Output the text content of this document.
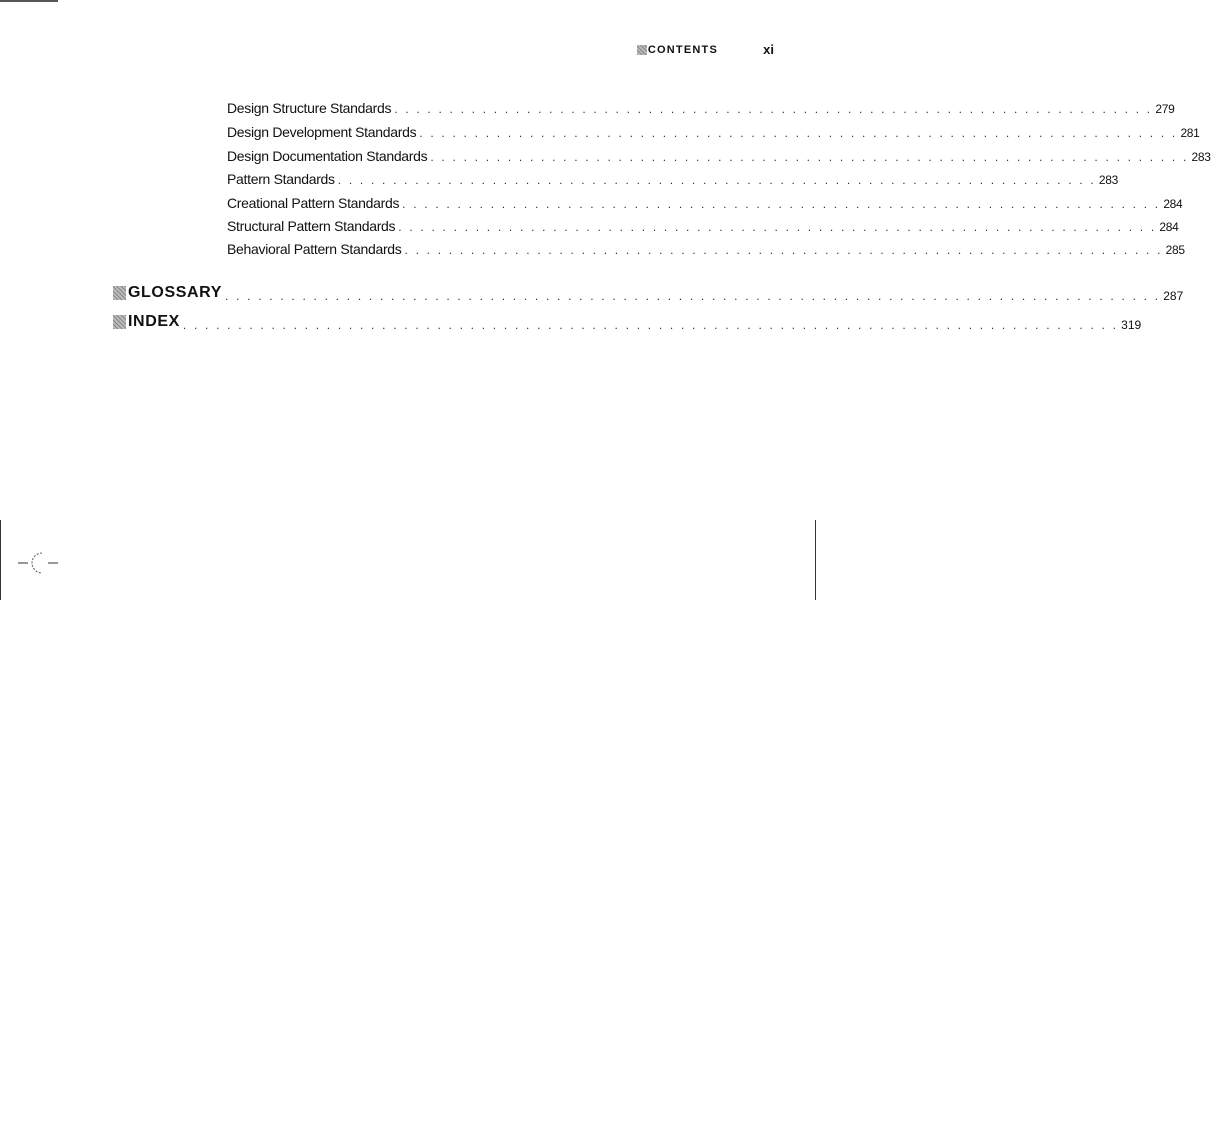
CONTENTS	xi
Design Structure Standards . . . . . . . . . . . . . . . . . . . . . . . . . . . . . . . . . . . . . . . . . . . . . . . . . . . . . . . . . . . . . . . . . . . . . 279
Design Development Standards . . . . . . . . . . . . . . . . . . . . . . . . . . . . . . . . . . . . . . . . . . . . . . . . . . . . . . . . . . . . . . . . . . . . . 281
Design Documentation Standards . . . . . . . . . . . . . . . . . . . . . . . . . . . . . . . . . . . . . . . . . . . . . . . . . . . . . . . . . . . . . . . . . . . . . 283
Pattern Standards . . . . . . . . . . . . . . . . . . . . . . . . . . . . . . . . . . . . . . . . . . . . . . . . . . . . . . . . . . . . . . . . . . . . . 283
Creational Pattern Standards . . . . . . . . . . . . . . . . . . . . . . . . . . . . . . . . . . . . . . . . . . . . . . . . . . . . . . . . . . . . . . . . . . . . . 284
Structural Pattern Standards . . . . . . . . . . . . . . . . . . . . . . . . . . . . . . . . . . . . . . . . . . . . . . . . . . . . . . . . . . . . . . . . . . . . . 284
Behavioral Pattern Standards . . . . . . . . . . . . . . . . . . . . . . . . . . . . . . . . . . . . . . . . . . . . . . . . . . . . . . . . . . . . . . . . . . . . . 285
GLOSSARY . . . . . . . . . . . . . . . . . . . . . . . . . . . . . . . . . . . . . . . . . . . . . . . . . . . . . . . . . . . . . . . . . . . . . . . . . . . . . . . . . . . . . 287
INDEX . . . . . . . . . . . . . . . . . . . . . . . . . . . . . . . . . . . . . . . . . . . . . . . . . . . . . . . . . . . . . . . . . . . . . . . . . . . . . . . . . . . . . 319
